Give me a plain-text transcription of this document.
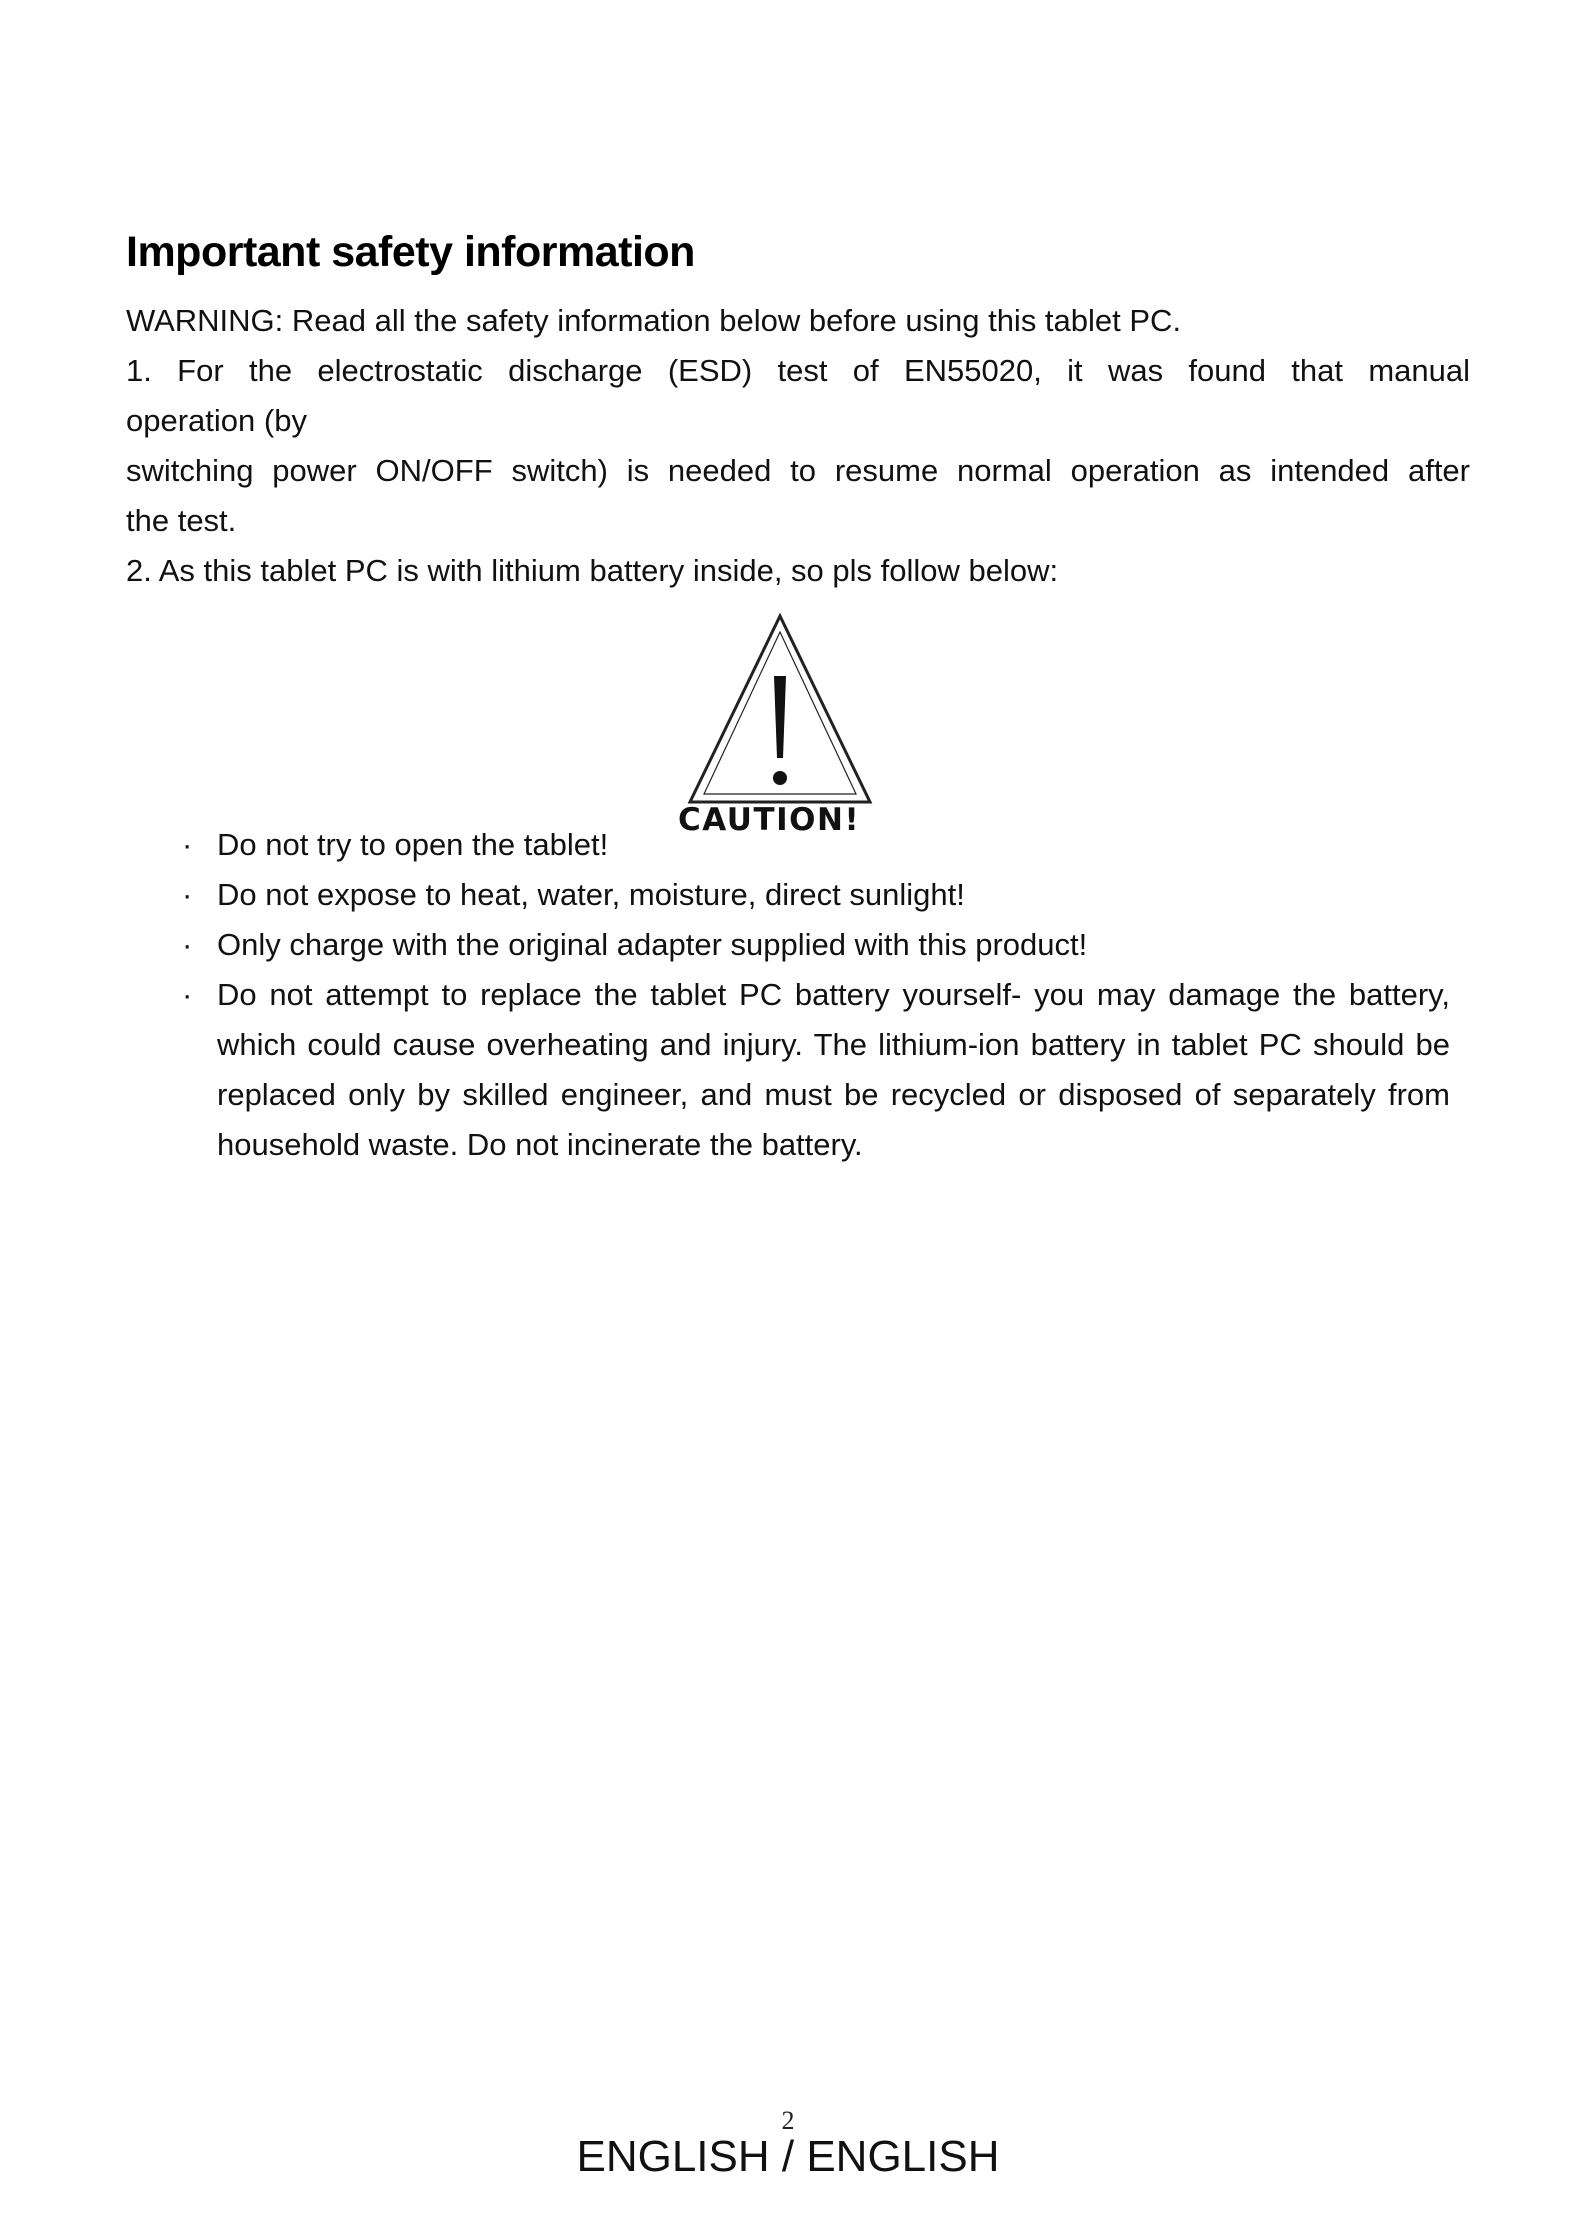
Important safety information

WARNING: Read all the safety information below before using this tablet PC.

1. For the electrostatic discharge (ESD) test of EN55020, it was found that manual

operation (by

switching power ON/OFF switch) is needed to resume normal operation as intended after

the test.

2. As this tablet PC is with lithium battery inside, so pls follow below:

CAUTION!
· Do not try to open the tablet!
· Do not expose to heat, water, moisture, direct sunlight!
· Only charge with the original adapter supplied with this product!
· Do not attempt to replace the tablet PC battery yourself- you may damage the battery, which could cause overheating and injury. The lithium-ion battery in tablet PC should be replaced only by skilled engineer, and must be recycled or disposed of separately from household waste. Do not incinerate the battery.
2
ENGLISH / ENGLISH
